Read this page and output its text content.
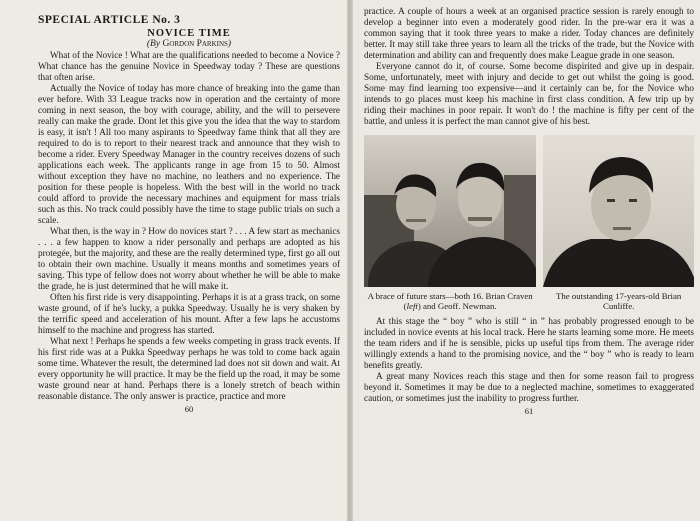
SPECIAL ARTICLE No. 3
NOVICE TIME
(By Gordon Parkins)

What of the Novice ! What are the qualifications needed to become a Novice ? What chance has the genuine Novice in Speedway today ? These are questions that often arise.

Actually the Novice of today has more chance of breaking into the game than ever before. With 33 League tracks now in operation and the certainty of more coming in next season, the boy with courage, ability, and the will to persevere really can make the grade. Dont let this give you the idea that the way to stardom is easy, it isn't ! All too many aspirants to Speedway fame think that all they are required to do is to report to their nearest track and announce that they wish to become a rider. Every Speedway Manager in the country receives dozens of such applications each week. The applicants range in age from 15 to 50. Almost without exception they have no machine, no leathers and no experience. The position for these people is hopeless. With the best will in the world no track could afford to provide the necessary machines and equipment for mass trials such as this. No track could possibly have the time to stage public trials on such a scale.

What then, is the way in ? How do novices start ? . . . A few start as mechanics . . . a few happen to know a rider personally and perhaps are adopted as his protegée, but the majority, and these are the really determined type, first go all out to obtain their own machine. Usually it means months and sometimes years of saving. This type of fellow does not worry about whether he will be able to make the grade, he is just determined that he will make it.

Often his first ride is very disappointing. Perhaps it is at a grass track, on some waste ground, of if he's lucky, a pukka Speedway. Usually he is very shaken by the terrific speed and acceleration of his mount. After a few laps he accustoms himself to the machine and progress has started.

What next ! Perhaps he spends a few weeks competing in grass track events. If his first ride was at a Pukka Speedway perhaps he was told to come back again some time. Whatever the result, the determined lad does not sit down and wait. At every opportunity he will practice. It may be the field up the road, it may be some waste ground near at hand. Perhaps there is a lonely stretch of beach within reasonable distance. The only answer is practice, practice and more

60

practice. A couple of hours a week at an organised practice session is rarely enough to develop a beginner into even a moderately good rider. In the pre-war era it was a common saying that it took three years to make a rider. Today chances are definitely better. It may still take three years to learn all the tricks of the trade, but the Novice with determination and ability can and frequently does make League grade in one season.

Everyone cannot do it, of course. Some become dispirited and give up in despair. Some, unfortunately, meet with injury and decide to get out whilst the going is good. Some may find learning too expensive—and it certainly can be, for the Novice who intends to go places must keep his machine in first class condition. A few trip up by riding their machines in poor repair. It won't do ! the machine is fifty per cent of the battle, and unless it is perfect the man cannot give of his best.

A brace of future stars—both 16. Brian Craven (left) and Geoff. Newman.
The outstanding 17-years-old Brian Cunliffe.

At this stage the “ boy ” who is still “ in ” has probably progressed enough to be included in novice events at his local track. Here he starts learning some more. He meets the team riders and if he is sensible, picks up useful tips from them. The average rider willingly extends a hand to the promising novice, and the “ boy ” who is ready to learn benefits greatly.

A great many Novices reach this stage and then for some reason fail to progress beyond it. Sometimes it may be due to a neglected machine, sometimes to exaggerated caution, or sometimes just the inability to progress further.

61
